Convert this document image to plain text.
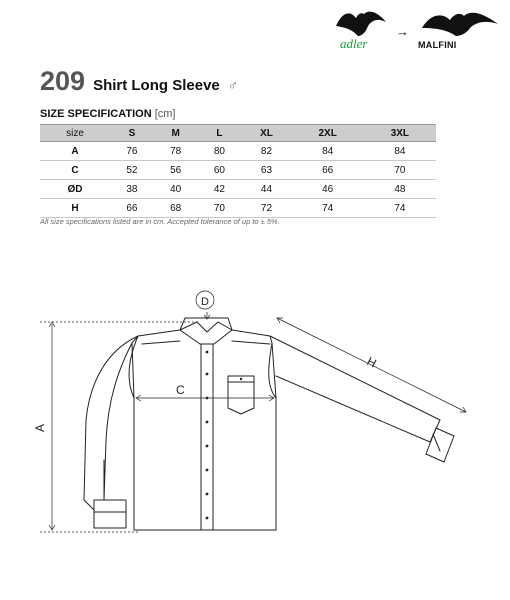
adler
→
MALFINI
209 Shirt Long Sleeve ♂
SIZE SPECIFICATION [cm]
size	S	M	L	XL	2XL	3XL
A	76	78	80	82	84	84
C	52	56	60	63	66	70
ØD	38	40	42	44	46	48
H	66	68	70	72	74	74
All size specifications listed are in cm. Accepted tolerance of up to ± 5%.
A
C
D
H
